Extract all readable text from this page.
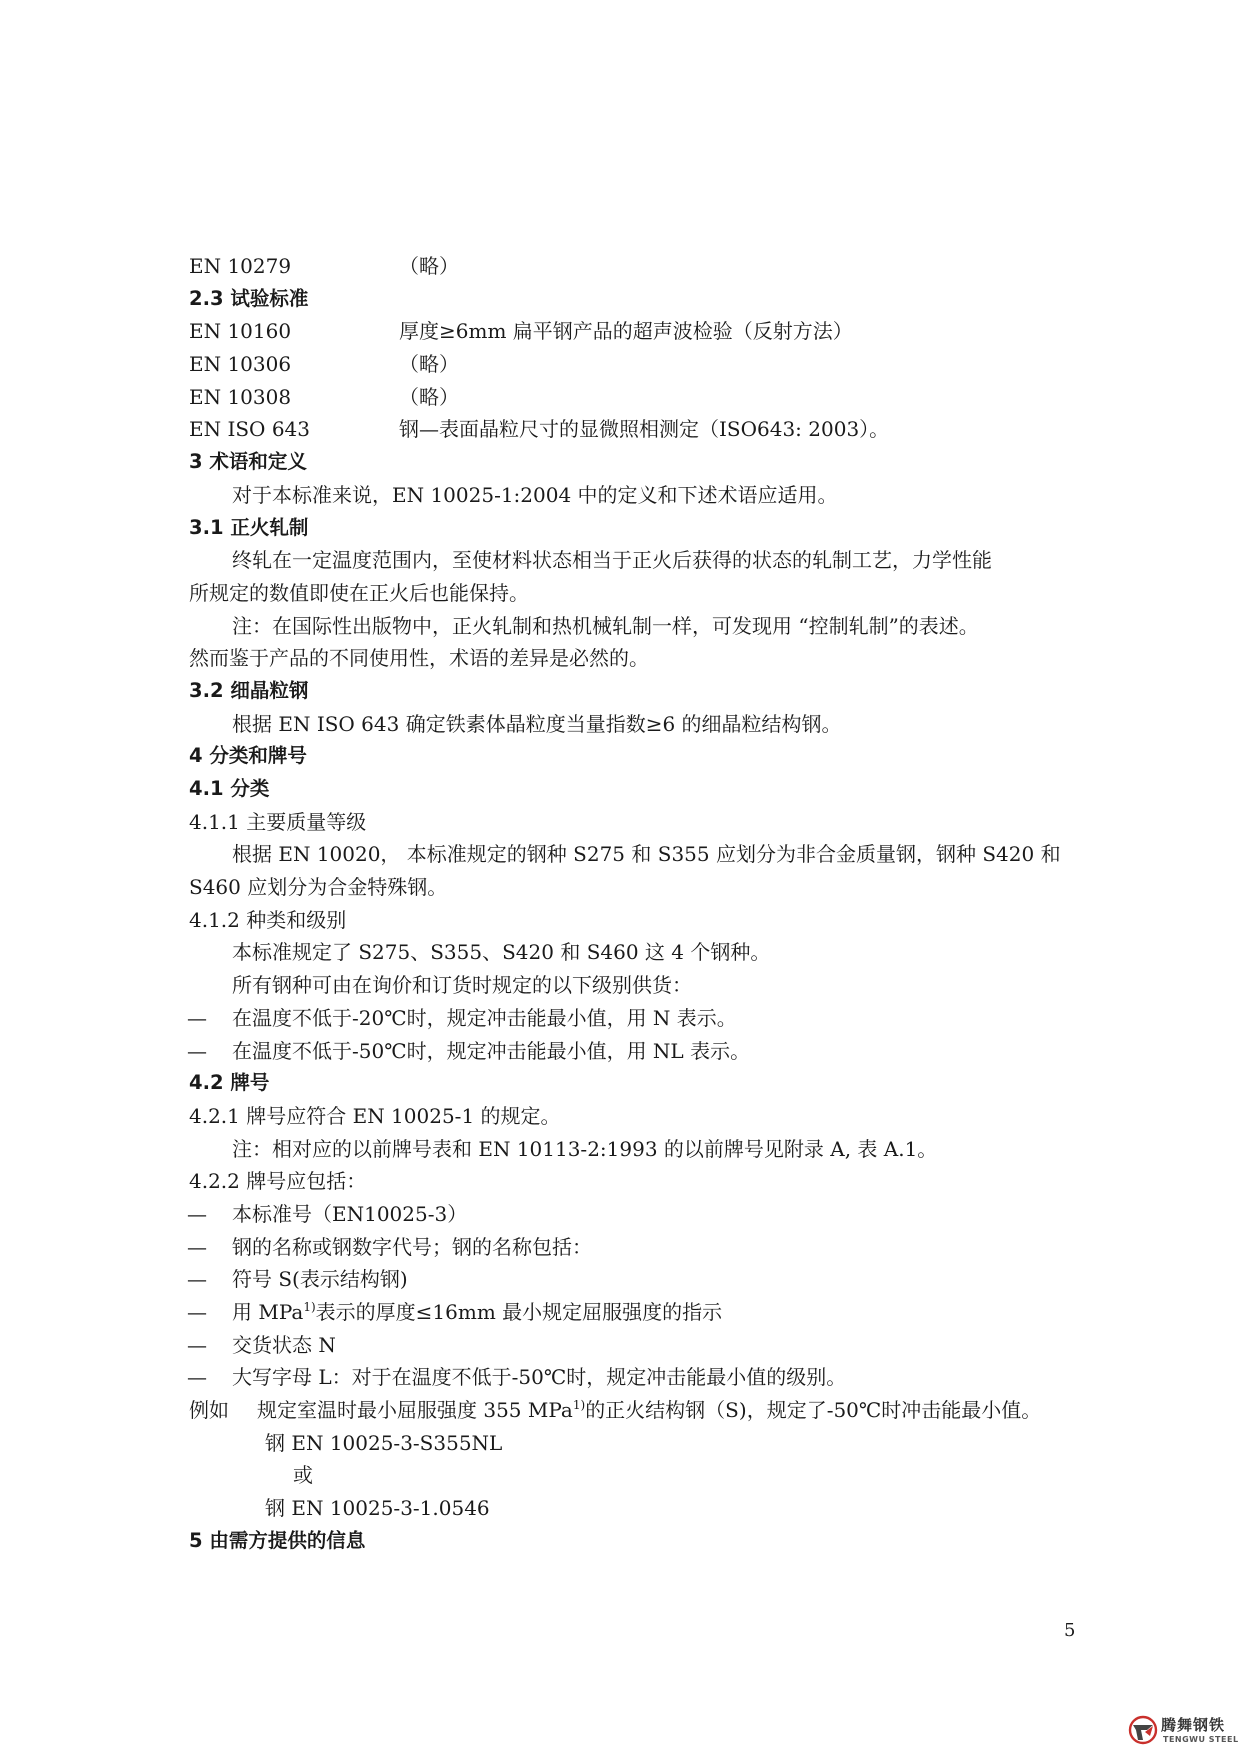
EN 10279	（略）
2.3 试验标准
EN 10160	厚度≥6mm 扁平钢产品的超声波检验（反射方法）
EN 10306	（略）
EN 10308	（略）
EN ISO 643	钢—表面晶粒尺寸的显微照相测定（ISO643: 2003）。
3 术语和定义
对于本标准来说，EN 10025-1:2004 中的定义和下述术语应适用。
3.1 正火轧制
终轧在一定温度范围内，至使材料状态相当于正火后获得的状态的轧制工艺，力学性能
所规定的数值即使在正火后也能保持。
注：在国际性出版物中，正火轧制和热机械轧制一样，可发现用 “控制轧制”的表述。
然而鉴于产品的不同使用性，术语的差异是必然的。
3.2 细晶粒钢
根据 EN ISO 643 确定铁素体晶粒度当量指数≥6 的细晶粒结构钢。
4 分类和牌号
4.1 分类
4.1.1 主要质量等级
根据 EN 10020， 本标准规定的钢种 S275 和 S355 应划分为非合金质量钢，钢种 S420 和
S460 应划分为合金特殊钢。
4.1.2 种类和级别
本标准规定了 S275、S355、S420 和 S460 这 4 个钢种。
所有钢种可由在询价和订货时规定的以下级别供货：
— 在温度不低于-20℃时，规定冲击能最小值，用 N 表示。
— 在温度不低于-50℃时，规定冲击能最小值，用 NL 表示。
4.2 牌号
4.2.1 牌号应符合 EN 10025-1 的规定。
注：相对应的以前牌号表和 EN 10113-2:1993 的以前牌号见附录 A, 表 A.1。
4.2.2 牌号应包括：
— 本标准号（EN10025-3）
— 钢的名称或钢数字代号；钢的名称包括：
— 符号 S(表示结构钢)
— 用 MPa$^{1)}$表示的厚度≤16mm 最小规定屈服强度的指示
— 交货状态 N
— 大写字母 L：对于在温度不低于-50℃时，规定冲击能最小值的级别。
例如 规定室温时最小屈服强度 355 MPa$^{1)}$的正火结构钢（S)，规定了-50℃时冲击能最小值。
钢 EN 10025-3-S355NL
或
钢 EN 10025-3-1.0546
5 由需方提供的信息
5
腾舞钢铁
TENGWU STEEL
